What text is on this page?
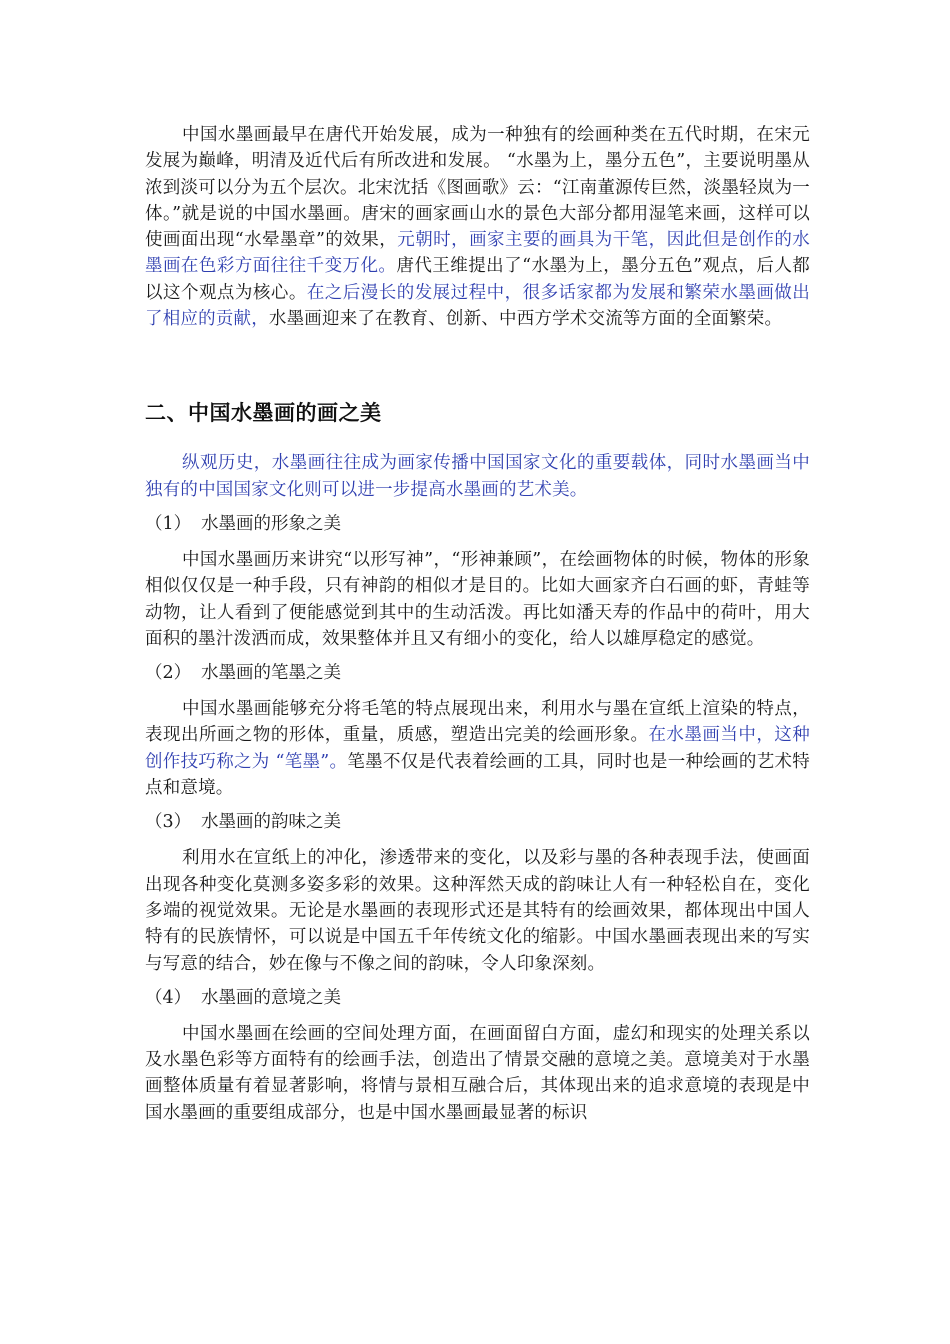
中国水墨画最早在唐代开始发展，成为一种独有的绘画种类在五代时期，在宋元发展为巅峰，明清及近代后有所改进和发展。 “水墨为上，墨分五色”，主要说明墨从浓到淡可以分为五个层次。北宋沈括《图画歌》云：“江南董源传巨然，淡墨轻岚为一体。”就是说的中国水墨画。唐宋的画家画山水的景色大部分都用湿笔来画，这样可以使画面出现“水晕墨章”的效果，元朝时，画家主要的画具为干笔，因此但是创作的水墨画在色彩方面往往千变万化。唐代王维提出了“水墨为上，墨分五色”观点，后人都以这个观点为核心。在之后漫长的发展过程中，很多话家都为发展和繁荣水墨画做出了相应的贡献，水墨画迎来了在教育、创新、中西方学术交流等方面的全面繁荣。

二、中国水墨画的画之美

纵观历史，水墨画往往成为画家传播中国国家文化的重要载体，同时水墨画当中独有的中国国家文化则可以进一步提高水墨画的艺术美。

（1） 水墨画的形象之美

中国水墨画历来讲究“以形写神”，“形神兼顾”，在绘画物体的时候，物体的形象相似仅仅是一种手段，只有神韵的相似才是目的。比如大画家齐白石画的虾，青蛙等动物，让人看到了便能感觉到其中的生动活泼。再比如潘天寿的作品中的荷叶，用大面积的墨汁泼洒而成，效果整体并且又有细小的变化，给人以雄厚稳定的感觉。

（2） 水墨画的笔墨之美

中国水墨画能够充分将毛笔的特点展现出来，利用水与墨在宣纸上渲染的特点，表现出所画之物的形体，重量，质感，塑造出完美的绘画形象。在水墨画当中，这种创作技巧称之为 “笔墨”。笔墨不仅是代表着绘画的工具，同时也是一种绘画的艺术特点和意境。

（3） 水墨画的韵味之美

利用水在宣纸上的冲化，渗透带来的变化，以及彩与墨的各种表现手法，使画面出现各种变化莫测多姿多彩的效果。这种浑然天成的韵味让人有一种轻松自在，变化多端的视觉效果。无论是水墨画的表现形式还是其特有的绘画效果，都体现出中国人特有的民族情怀，可以说是中国五千年传统文化的缩影。中国水墨画表现出来的写实与写意的结合，妙在像与不像之间的韵味，令人印象深刻。

（4） 水墨画的意境之美

中国水墨画在绘画的空间处理方面，在画面留白方面，虚幻和现实的处理关系以及水墨色彩等方面特有的绘画手法，创造出了情景交融的意境之美。意境美对于水墨画整体质量有着显著影响，将情与景相互融合后，其体现出来的追求意境的表现是中国水墨画的重要组成部分，也是中国水墨画最显著的标识
